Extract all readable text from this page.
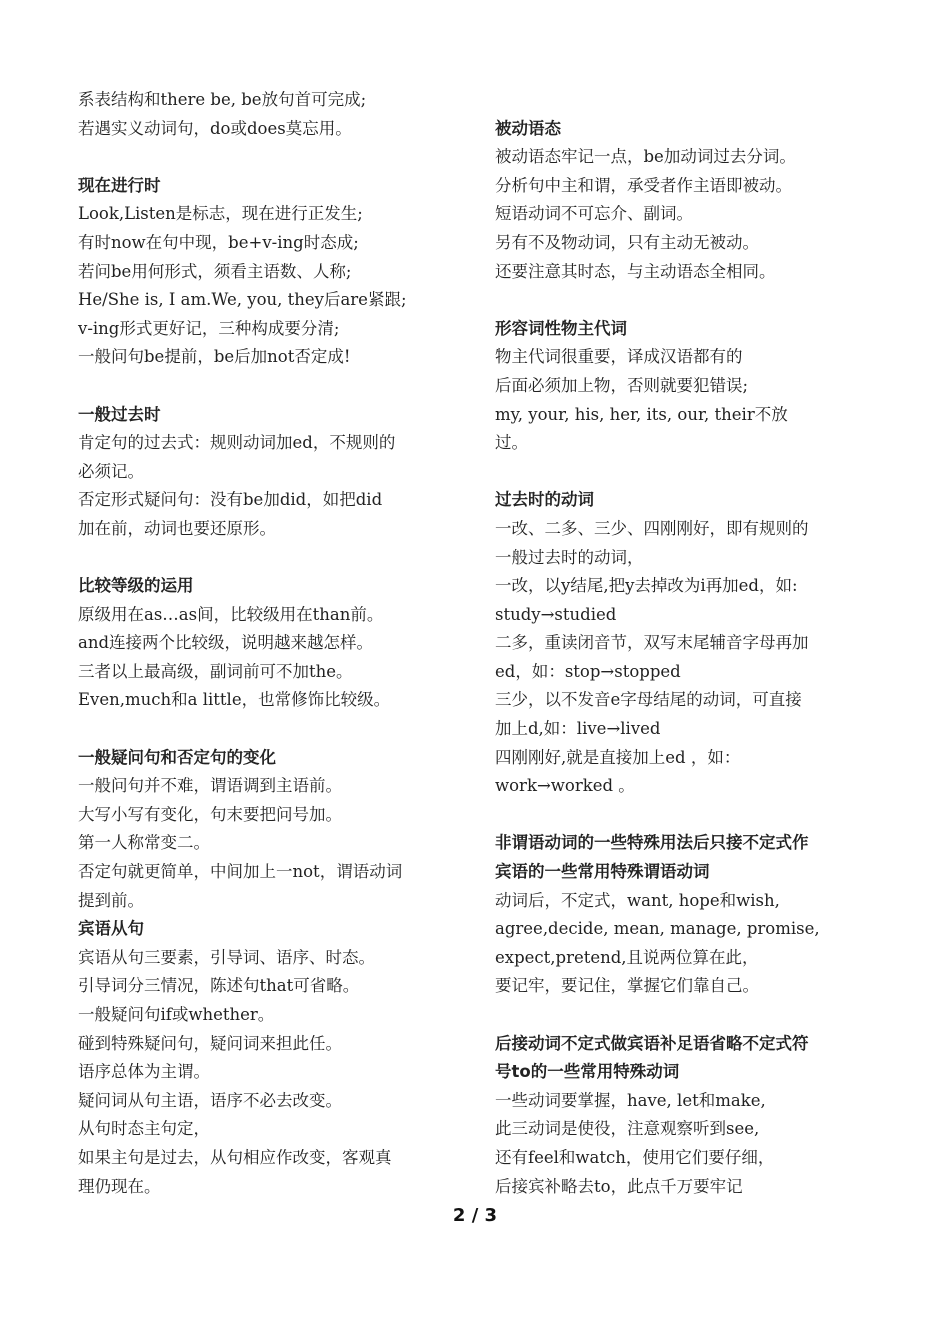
系表结构和there be, be放句首可完成;
若遇实义动词句，do或does莫忘用。
现在进行时
Look,Listen是标志，现在进行正发生;
有时now在句中现，be+v-ing时态成;
若问be用何形式，须看主语数、人称;
He/She is, I am.We, you, they后are紧跟;
v-ing形式更好记，三种构成要分清;
一般问句be提前，be后加not否定成!
一般过去时
肯定句的过去式：规则动词加ed，不规则的
必须记。
否定形式疑问句：没有be加did，如把did
加在前，动词也要还原形。
比较等级的运用
原级用在as…as间，比较级用在than前。
and连接两个比较级，说明越来越怎样。
三者以上最高级，副词前可不加the。
Even,much和a little，也常修饰比较级。
一般疑问句和否定句的变化
一般问句并不难，谓语调到主语前。
大写小写有变化，句末要把问号加。
第一人称常变二。
否定句就更简单，中间加上一not，谓语动词
提到前。
宾语从句
宾语从句三要素，引导词、语序、时态。
引导词分三情况，陈述句that可省略。
一般疑问句if或whether。
碰到特殊疑问句，疑问词来担此任。
语序总体为主谓。
疑问词从句主语，语序不必去改变。
从句时态主句定，
如果主句是过去，从句相应作改变，客观真
理仍现在。
被动语态
被动语态牢记一点，be加动词过去分词。
分析句中主和谓，承受者作主语即被动。
短语动词不可忘介、副词。
另有不及物动词，只有主动无被动。
还要注意其时态，与主动语态全相同。
形容词性物主代词
物主代词很重要，译成汉语都有的
后面必须加上物，否则就要犯错误;
my, your, his, her, its, our, their不放
过。
过去时的动词
一改、二多、三少、四刚刚好，即有规则的
一般过去时的动词，
一改，以y结尾,把y去掉改为i再加ed，如:
study→studied
二多，重读闭音节，双写末尾辅音字母再加
ed，如：stop→stopped
三少，以不发音e字母结尾的动词，可直接
加上d,如：live→lived
四刚刚好,就是直接加上ed ，如：
work→worked 。
非谓语动词的一些特殊用法后只接不定式作
宾语的一些常用特殊谓语动词
动词后，不定式，want, hope和wish,
agree,decide, mean, manage, promise,
expect,pretend,且说两位算在此，
要记牢，要记住，掌握它们靠自己。
后接动词不定式做宾语补足语省略不定式符
号to的一些常用特殊动词
一些动词要掌握，have, let和make,
此三动词是使役，注意观察听到see,
还有feel和watch，使用它们要仔细，
后接宾补略去to，此点千万要牢记
2 / 3
